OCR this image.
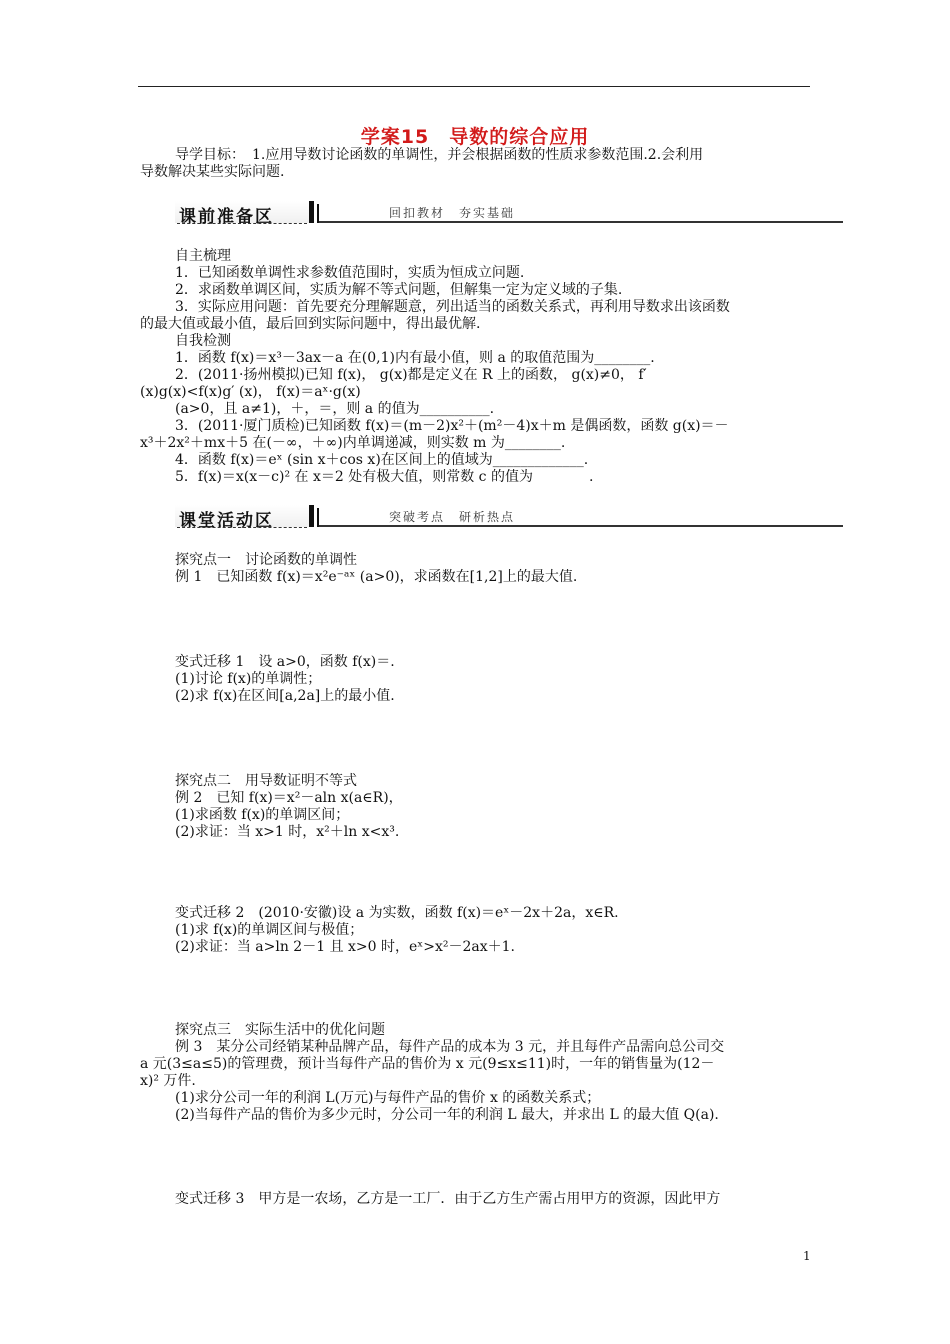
学案15　导数的综合应用
导学目标：　1.应用导数讨论函数的单调性，并会根据函数的性质求参数范围.2.会利用
导数解决某些实际问题.
课前准备区	回扣教材　夯实基础
自主梳理
1．已知函数单调性求参数值范围时，实质为恒成立问题.
2．求函数单调区间，实质为解不等式问题，但解集一定为定义域的子集.
3．实际应用问题：首先要充分理解题意，列出适当的函数关系式，再利用导数求出该函数
的最大值或最小值，最后回到实际问题中，得出最优解.
自我检测
1．函数 f(x)＝x³－3ax－a 在(0,1)内有最小值，则 a 的取值范围为________.
2．(2011·扬州模拟)已知 f(x)， g(x)都是定义在 R 上的函数， g(x)≠0， f′
(x)g(x)<f(x)g′ (x)， f(x)＝aˣ·g(x)
(a>0，且 a≠1)，＋，＝，则 a 的值为__________.
3．(2011·厦门质检)已知函数 f(x)＝(m－2)x²＋(m²－4)x＋m 是偶函数，函数 g(x)＝－
x³＋2x²＋mx＋5 在(－∞，＋∞)内单调递减，则实数 m 为________.
4．函数 f(x)＝eˣ (sin x＋cos x)在区间上的值域为_____________.
5．f(x)＝x(x－c)² 在 x＝2 处有极大值，则常数 c 的值为　　　　.
课堂活动区	突破考点　研析热点
探究点一　讨论函数的单调性
例 1　已知函数 f(x)＝x²e⁻ᵃˣ (a>0)，求函数在[1,2]上的最大值.
变式迁移 1　设 a>0，函数 f(x)＝.
(1)讨论 f(x)的单调性；
(2)求 f(x)在区间[a,2a]上的最小值.
探究点二　用导数证明不等式
例 2　已知 f(x)＝x²－aln x(a∈R)，
(1)求函数 f(x)的单调区间；
(2)求证：当 x>1 时，x²＋ln x<x³.
变式迁移 2　(2010·安徽)设 a 为实数，函数 f(x)＝eˣ－2x＋2a，x∈R.
(1)求 f(x)的单调区间与极值；
(2)求证：当 a>ln 2－1 且 x>0 时，eˣ>x²－2ax＋1.
探究点三　实际生活中的优化问题
例 3　某分公司经销某种品牌产品，每件产品的成本为 3 元，并且每件产品需向总公司交
a 元(3≤a≤5)的管理费，预计当每件产品的售价为 x 元(9≤x≤11)时，一年的销售量为(12－
x)² 万件.
(1)求分公司一年的利润 L(万元)与每件产品的售价 x 的函数关系式；
(2)当每件产品的售价为多少元时，分公司一年的利润 L 最大，并求出 L 的最大值 Q(a).
变式迁移 3　甲方是一农场，乙方是一工厂．由于乙方生产需占用甲方的资源，因此甲方
1
